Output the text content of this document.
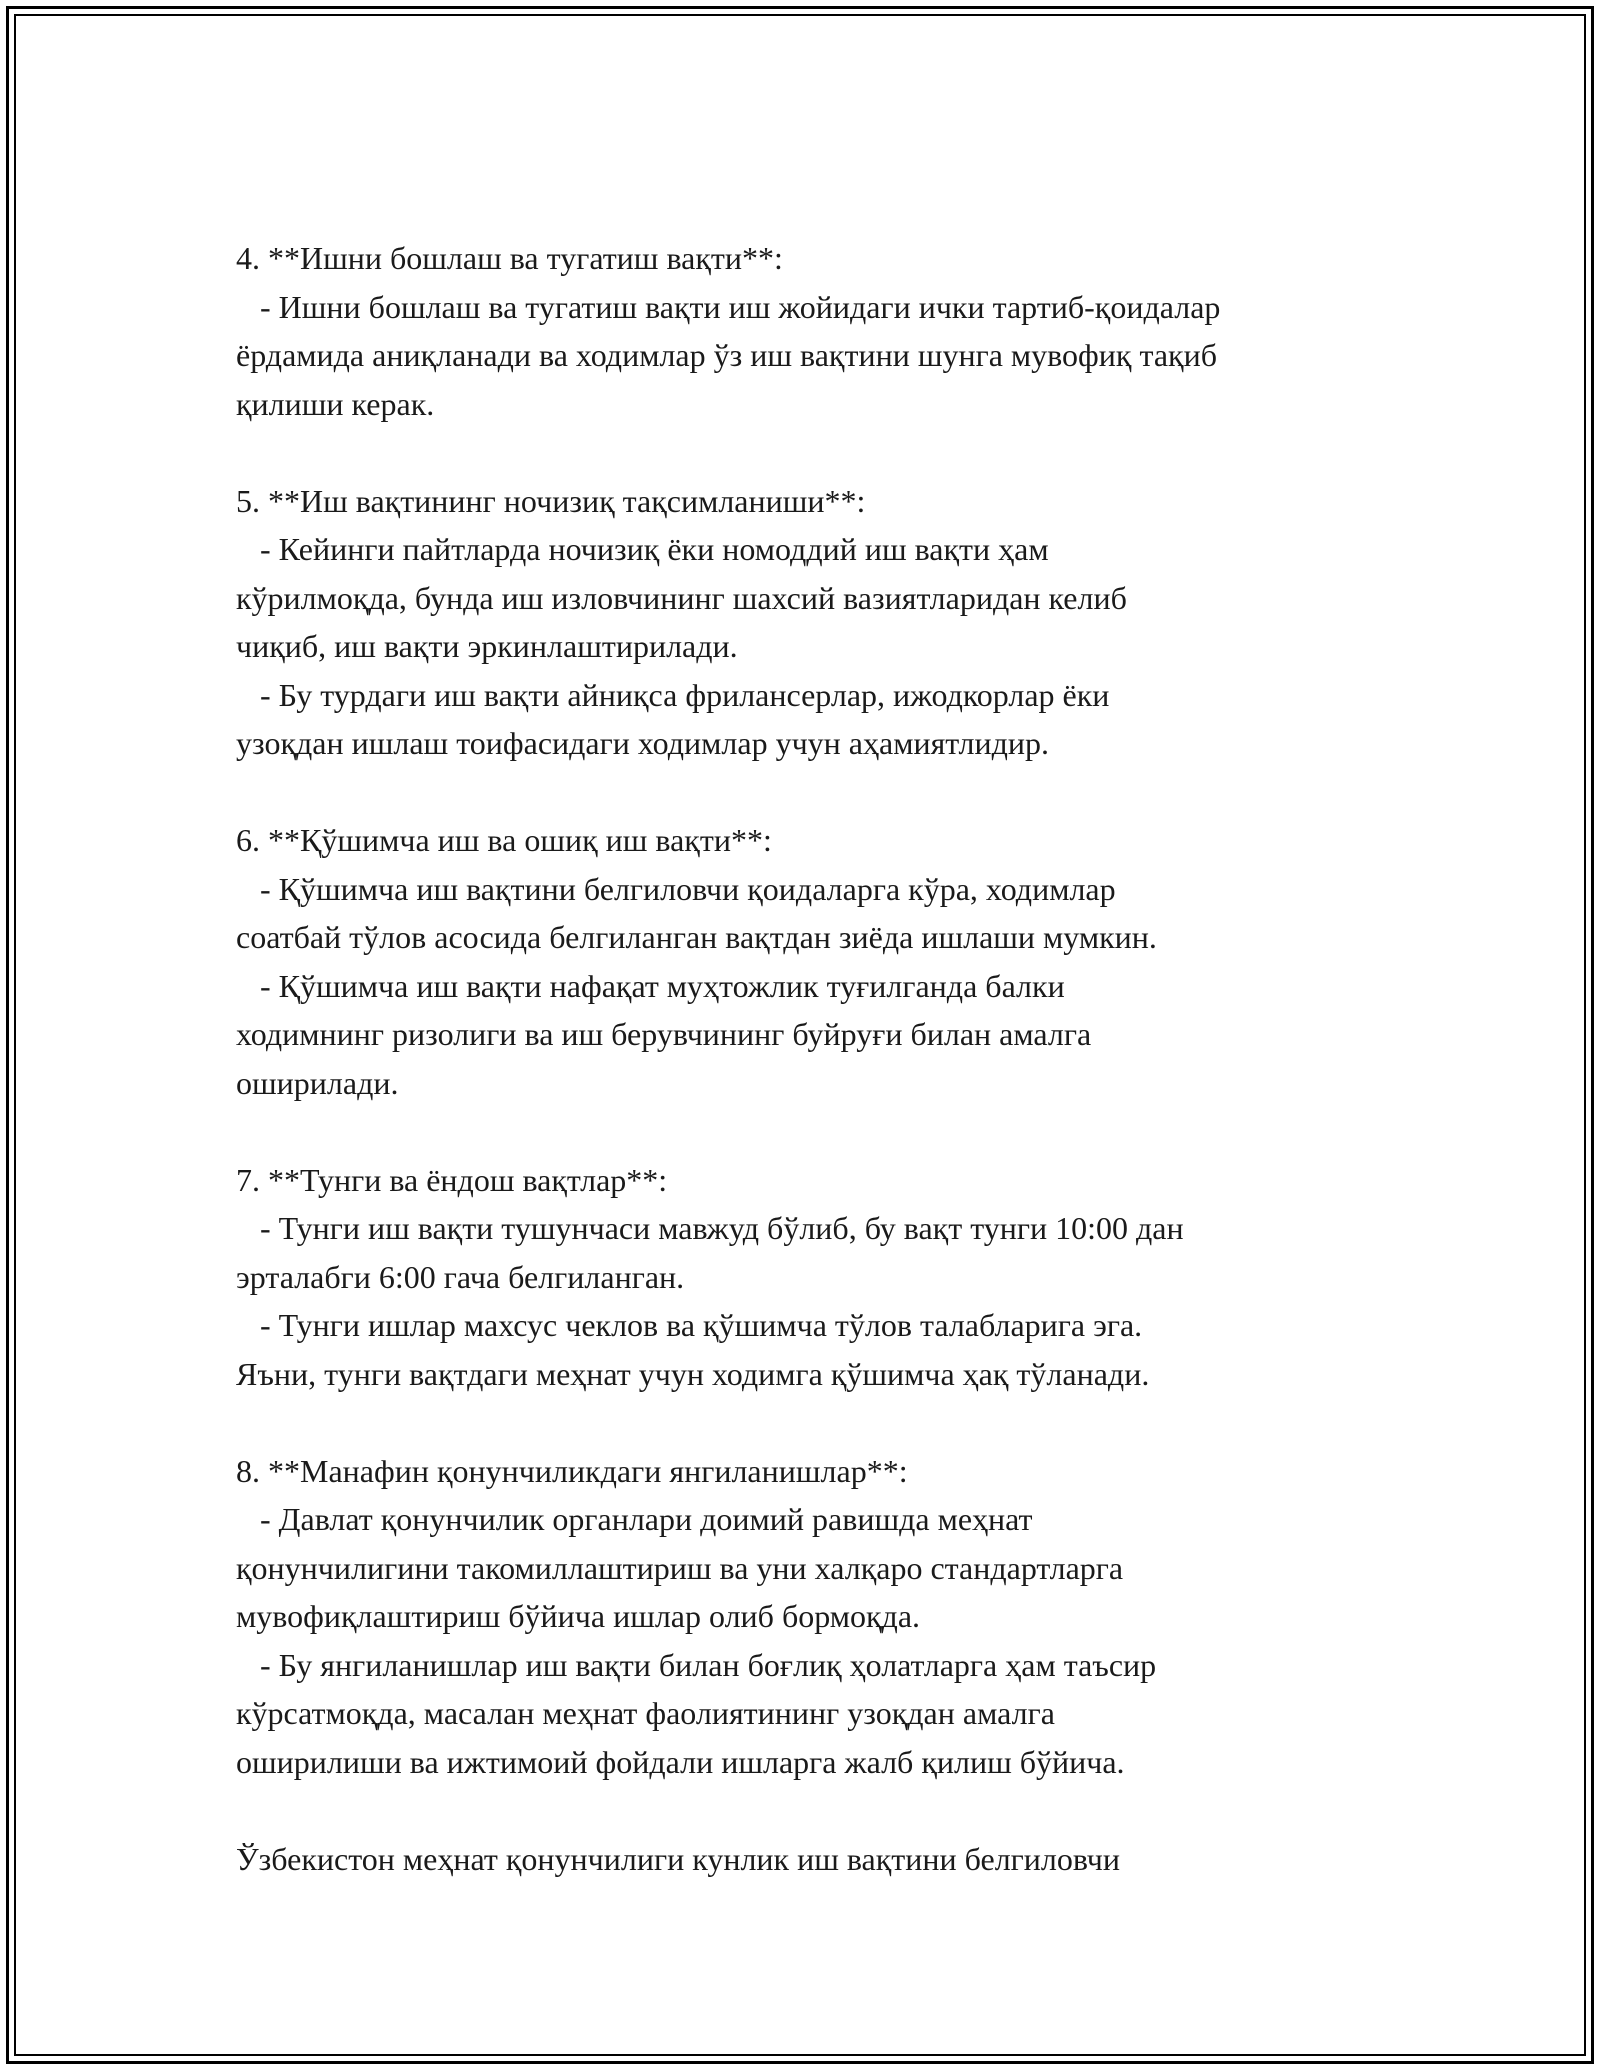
4. **Ишни бошлаш ва тугатиш вақти**:

- Ишни бошлаш ва тугатиш вақти иш жойидаги ички тартиб-қоидалар

ёрдамида аниқланади ва ходимлар ўз иш вақтини шунга мувофиқ тақиб

қилиши керак.

5. **Иш вақтининг ночизиқ тақсимланиши**:

- Кейинги пайтларда ночизиқ ёки номоддий иш вақти ҳам

кўрилмоқда, бунда иш изловчининг шахсий вазиятларидан келиб

чиқиб, иш вақти эркинлаштирилади.

- Бу турдаги иш вақти айниқса фрилансерлар, ижодкорлар ёки

узоқдан ишлаш тоифасидаги ходимлар учун аҳамиятлидир.

6. **Қўшимча иш ва ошиқ иш вақти**:

- Қўшимча иш вақтини белгиловчи қоидаларга кўра, ходимлар

соатбай тўлов асосида белгиланган вақтдан зиёда ишлаши мумкин.

- Қўшимча иш вақти нафақат муҳтожлик туғилганда балки

ходимнинг ризолиги ва иш берувчининг буйруғи билан амалга

оширилади.

7. **Тунги ва ёндош вақтлар**:

- Тунги иш вақти тушунчаси мавжуд бўлиб, бу вақт тунги 10:00 дан

эрталабги 6:00 гача белгиланган.

- Тунги ишлар махсус чеклов ва қўшимча тўлов талабларига эга.

Яъни, тунги вақтдаги меҳнат учун ходимга қўшимча ҳақ тўланади.

8. **Манафин қонунчиликдаги янгиланишлар**:

- Давлат қонунчилик органлари доимий равишда меҳнат

қонунчилигини такомиллаштириш ва уни халқаро стандартларга

мувофиқлаштириш бўйича ишлар олиб бормоқда.

- Бу янгиланишлар иш вақти билан боғлиқ ҳолатларга ҳам таъсир

кўрсатмоқда, масалан меҳнат фаолиятининг узоқдан амалга

оширилиши ва ижтимоий фойдали ишларга жалб қилиш бўйича.

Ўзбекистон меҳнат қонунчилиги кунлик иш вақтини белгиловчи
